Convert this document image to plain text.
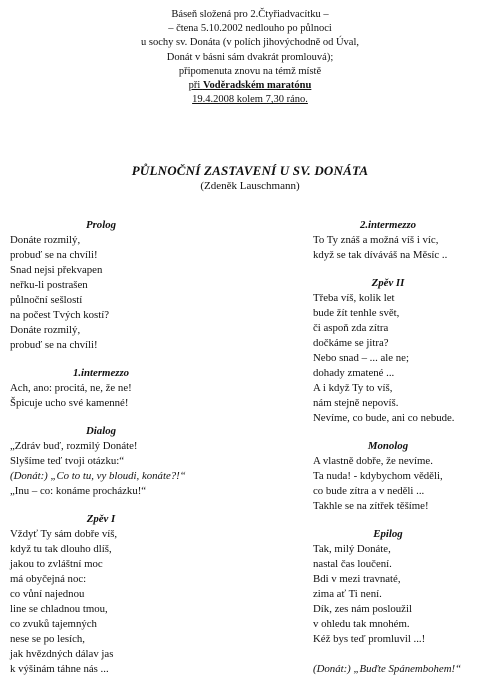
Báseň složená pro 2.Čtyřiadvacítku –
– čtena 5.10.2002 nedlouho po půlnoci
u sochy sv. Donáta (v polích jihovýchodně od Úval,
Donát v básni sám dvakrát promlouvá);
připomenuta znovu na témž místě
při Voděradském maratónu
19.4.2008 kolem 7,30 ráno.
PŮLNOČNÍ ZASTAVENÍ U SV. DONÁTA
(Zdeněk Lauschmann)
Prolog
Donáte rozmilý,
probuď se na chvíli!
Snad nejsi překvapen
neřku-li postrašen
půlnoční sešlostí
na počest Tvých kostí?
Donáte rozmilý,
probuď se na chvíli!
1.intermezzo
Ach, ano: procitá, ne, že ne!
Špicuje ucho své kamenné!
Dialog
„Zdráv buď, rozmilý Donáte!
Slyšíme teď tvoji otázku:“
(Donát:) „Co to tu, vy bloudi, konáte?!“
„Inu – co: konáme procházku!“
Zpěv I
Vždyť Ty sám dobře víš,
když tu tak dlouho dlíš,
jakou to zvláštní moc
má obyčejná noc:
co vůní najednou
line se chladnou tmou,
co zvuků tajemných
nese se po lesích,
jak hvězdných dálav jas
k výšinám táhne nás ...
2.intermezzo
To Ty znáš a možná víš i víc,
když se tak díváváš na Měsíc ..
Zpěv II
Třeba víš, kolik let
bude žít tenhle svět,
či aspoň zda zítra
dočkáme se jitra?
Nebo snad – ... ale ne;
dohady zmatené ...
A i když Ty to víš,
nám stejně nepovíš.
Nevíme, co bude, ani co nebude.
Monolog
A vlastně dobře, že nevíme.
Ta nuda! - kdybychom věděli,
co bude zítra a v neděli ...
Takhle se na zítřek těšíme!
Epilog
Tak, milý Donáte,
nastal čas loučení.
Bdi v mezi travnaté,
zima ať Ti není.
Dík, zes nám posloužil
v ohledu tak mnohém.
Kéž bys teď promluvil ...!

(Donát:) „Buďte Spánembohem!“
